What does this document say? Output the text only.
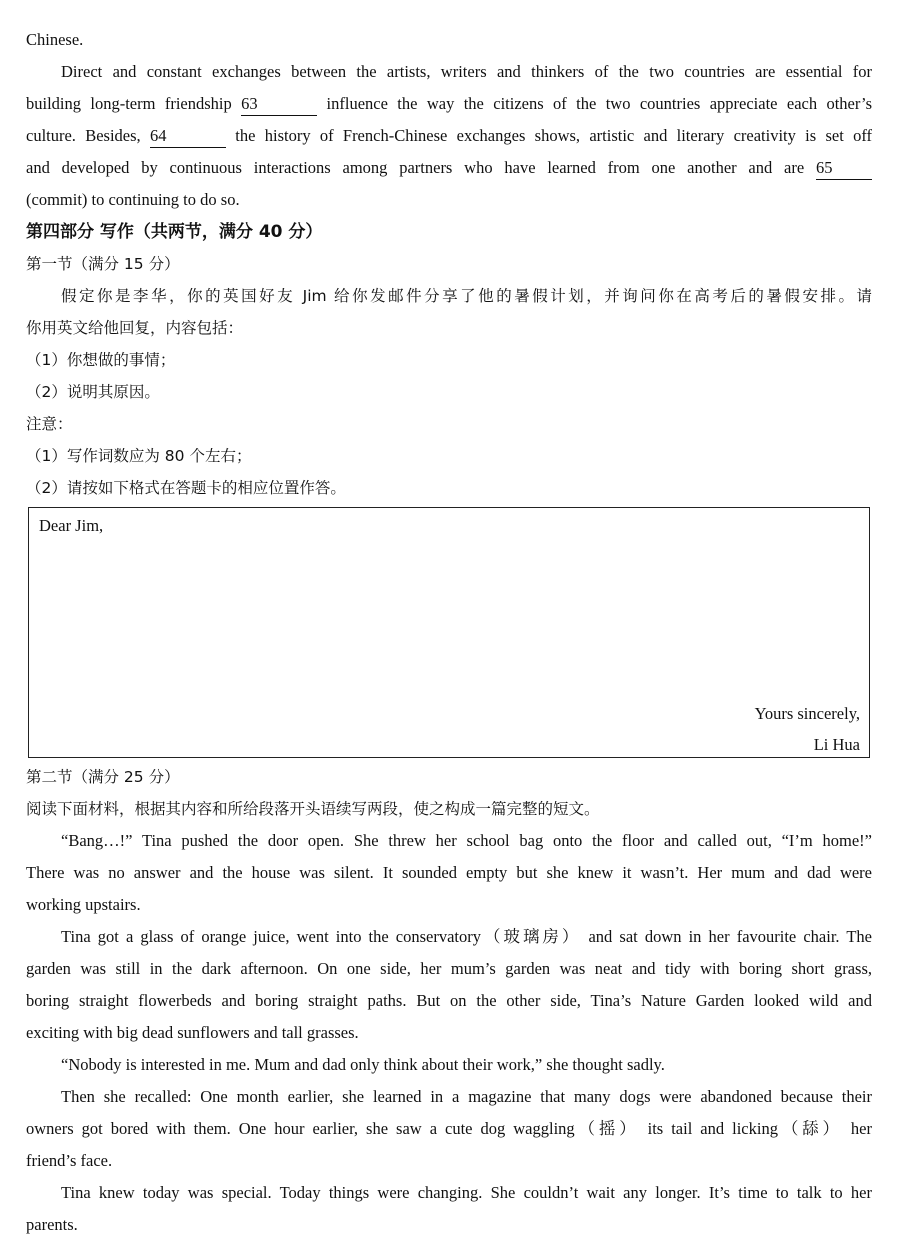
Chinese.
Direct and constant exchanges between the artists, writers and thinkers of the two countries are essential for
building long-term friendship 63	influence the way the citizens of the two countries appreciate each other’s
culture. Besides, 64	the history of French-Chinese exchanges shows, artistic and literary creativity is set off
and developed by continuous interactions among partners who have learned from one another and are 65
(commit) to continuing to do so.
第四部分 写作（共两节，满分 40 分）
第一节（满分 15 分）
假定你是李华，你的英国好友 Jim 给你发邮件分享了他的暑假计划，并询问你在高考后的暑假安排。请
你用英文给他回复，内容包括：
（1）你想做的事情；
（2）说明其原因。
注意：
（1）写作词数应为 80 个左右；
（2）请按如下格式在答题卡的相应位置作答。
Dear Jim,
Yours sincerely,
Li Hua
第二节（满分 25 分）
阅读下面材料，根据其内容和所给段落开头语续写两段，使之构成一篇完整的短文。
“Bang…!” Tina pushed the door open. She threw her school bag onto the floor and called out, “I’m home!”
There was no answer and the house was silent. It sounded empty but she knew it wasn’t. Her mum and dad were
working upstairs.
Tina got a glass of orange juice, went into the conservatory（玻璃房） and sat down in her favourite chair. The
garden was still in the dark afternoon. On one side, her mum’s garden was neat and tidy with boring short grass,
boring straight flowerbeds and boring straight paths. But on the other side, Tina’s Nature Garden looked wild and
exciting with big dead sunflowers and tall grasses.
“Nobody is interested in me. Mum and dad only think about their work,” she thought sadly.
Then she recalled: One month earlier, she learned in a magazine that many dogs were abandoned because their
owners got bored with them. One hour earlier, she saw a cute dog waggling（摇） its tail and licking（舔） her
friend’s face.
Tina knew today was special. Today things were changing. She couldn’t wait any longer. It’s time to talk to her
parents.
